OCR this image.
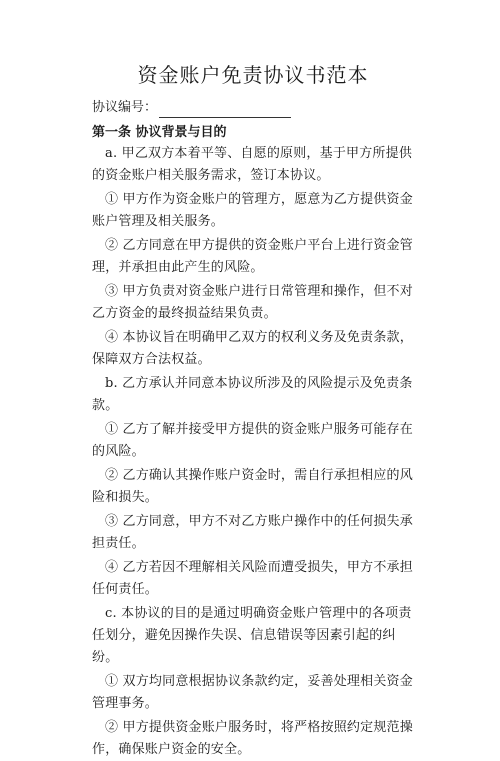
资金账户免责协议书范本
协议编号：
第一条 协议背景与目的

a. 甲乙双方本着平等、自愿的原则，基于甲方所提供的资金账户相关服务需求，签订本协议。

① 甲方作为资金账户的管理方，愿意为乙方提供资金账户管理及相关服务。

② 乙方同意在甲方提供的资金账户平台上进行资金管理，并承担由此产生的风险。

③ 甲方负责对资金账户进行日常管理和操作，但不对乙方资金的最终损益结果负责。

④ 本协议旨在明确甲乙双方的权利义务及免责条款，保障双方合法权益。

b. 乙方承认并同意本协议所涉及的风险提示及免责条款。

① 乙方了解并接受甲方提供的资金账户服务可能存在的风险。

② 乙方确认其操作账户资金时，需自行承担相应的风险和损失。

③ 乙方同意，甲方不对乙方账户操作中的任何损失承担责任。

④ 乙方若因不理解相关风险而遭受损失，甲方不承担任何责任。

c. 本协议的目的是通过明确资金账户管理中的各项责任划分，避免因操作失误、信息错误等因素引起的纠纷。

① 双方均同意根据协议条款约定，妥善处理相关资金管理事务。

② 甲方提供资金账户服务时，将严格按照约定规范操作，确保账户资金的安全。
